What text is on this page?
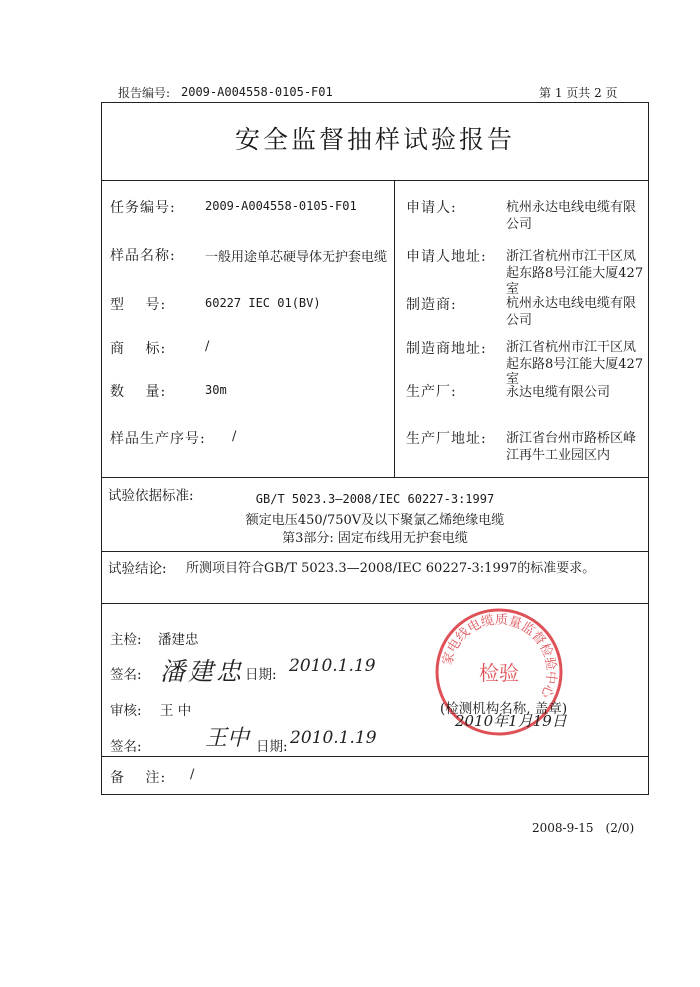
报告编号: 2009-A004558-0105-F01	第 1 页共 2 页
安全监督抽样试验报告
任务编号: 2009-A004558-0105-F01
样品名称: 一般用途单芯硬导体无护套电缆
型　 号:	60227 IEC 01(BV)
商　 标:	/
数　 量:	30m
样品生产序号: /
申请人:	杭州永达电线电缆有限
公司
申请人地址: 浙江省杭州市江干区凤
起东路8号江能大厦427
室
制造商:	杭州永达电线电缆有限
公司
制造商地址: 浙江省杭州市江干区凤
起东路8号江能大厦427
室
生产厂:	永达电缆有限公司
生产厂地址: 浙江省台州市路桥区峰
江再牛工业园区内
试验依据标准:	GB/T 5023.3—2008/IEC 60227-3:1997
额定电压450/750V及以下聚氯乙烯绝缘电缆
第3部分: 固定布线用无护套电缆
试验结论: 所测项目符合GB/T 5023.3—2008/IEC 60227-3:1997的标准要求。
主检: 潘建忠
签名: 潘建忠 日期: 2010.1.19
审核: 王 中
签名:	王中 日期: 2010.1.19
家电线电缆质量监督检验中心
检验
(检测机构名称, 盖章)
2010年1月19日
备　 注: /
2008-9-15　(2/0)
